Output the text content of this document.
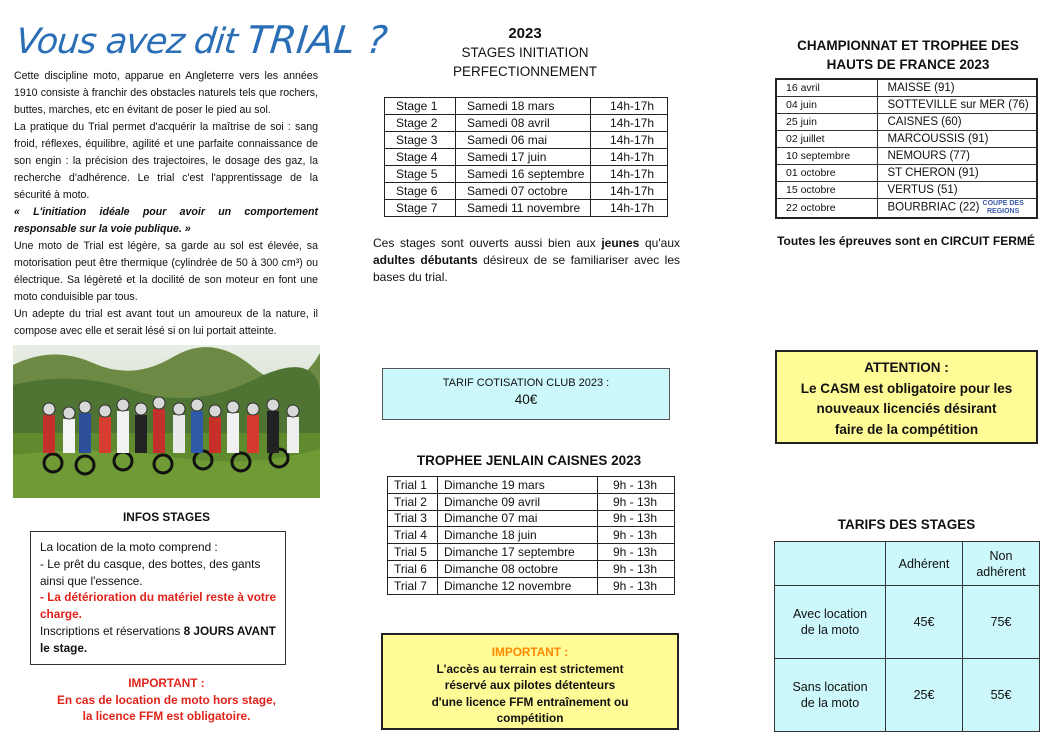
Vous avez dit TRIAL ?

Cette discipline moto, apparue en Angleterre vers les années 1910 consiste à franchir des obstacles naturels tels que rochers, buttes, marches, etc en évitant de poser le pied au sol.

La pratique du Trial permet d'acquérir la maîtrise de soi : sang froid, réflexes, équilibre, agilité et une parfaite connaissance de son engin : la précision des trajectoires, le dosage des gaz, la recherche d'adhérence. Le trial c'est l'apprentissage de la sécurité à moto.

« L'initiation idéale pour avoir un comportement responsable sur la voie publique. »

Une moto de Trial est légère, sa garde au sol est élevée, sa motorisation peut être thermique (cylindrée de 50 à 300 cm³) ou électrique. Sa légèreté et la docilité de son moteur en font une moto conduisible par tous.

Un adepte du trial est avant tout un amoureux de la nature, il compose avec elle et serait lésé si on lui portait atteinte.

INFOS STAGES
La location de la moto comprend :
- Le prêt du casque, des bottes, des gants ainsi que l'essence.
- La détérioration du matériel reste à votre charge.
Inscriptions et réservations 8 JOURS AVANT le stage.
IMPORTANT :
En cas de location de moto hors stage,
la licence FFM est obligatoire.
2023
STAGES INITIATION
PERFECTIONNEMENT
Stage 1	Samedi 18 mars	14h-17h
Stage 2	Samedi 08 avril	14h-17h
Stage 3	Samedi 06 mai	14h-17h
Stage 4	Samedi 17 juin	14h-17h
Stage 5	Samedi 16 septembre	14h-17h
Stage 6	Samedi 07 octobre	14h-17h
Stage 7	Samedi 11 novembre	14h-17h
Ces stages sont ouverts aussi bien aux jeunes qu'aux adultes débutants désireux de se familiariser avec les bases du trial.
TARIF COTISATION CLUB 2023 :
40€
TROPHEE JENLAIN CAISNES 2023
Trial 1	Dimanche 19 mars	9h - 13h
Trial 2	Dimanche 09 avril	9h - 13h
Trial 3	Dimanche 07 mai	9h - 13h
Trial 4	Dimanche 18 juin	9h - 13h
Trial 5	Dimanche 17 septembre	9h - 13h
Trial 6	Dimanche 08 octobre	9h - 13h
Trial 7	Dimanche 12 novembre	9h - 13h
IMPORTANT :
L'accès au terrain est strictement
réservé aux pilotes détenteurs
d'une licence FFM entraînement ou
compétition
CHAMPIONNAT ET TROPHEE DES
HAUTS DE FRANCE 2023
16 avril	MAISSE (91)
04 juin	SOTTEVILLE sur MER (76)
25 juin	CAISNES (60)
02 juillet	MARCOUSSIS (91)
10 septembre	NEMOURS (77)
01 octobre	ST CHERON (91)
15 octobre	VERTUS (51)
22 octobre	BOURBRIAC (22) COUPE DES
REGIONS
Toutes les épreuves sont en CIRCUIT FERMÉ
ATTENTION :
Le CASM est obligatoire pour les
nouveaux licenciés désirant
faire de la compétition
TARIFS DES STAGES
	Adhérent	Non
adhérent

Avec location
de la moto	45€	75€

Sans location
de la moto	25€	55€
